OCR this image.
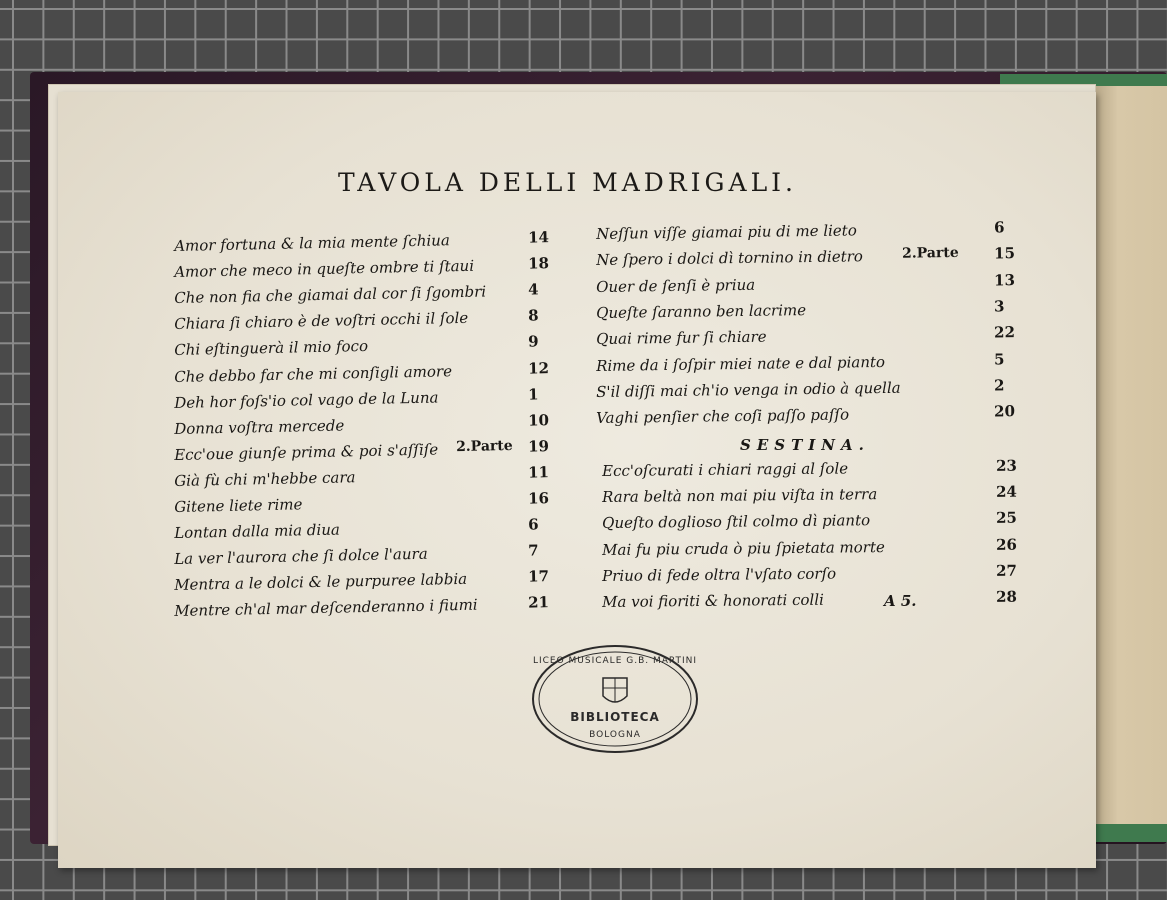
TAVOLA DELLI MADRIGALI.
Amor fortuna & la mia mente ſchiua	14
Amor che meco in queſte ombre ti ſtaui	18
Che non fia che giamai dal cor ſi ſgombri	4
Chiara ſi chiaro è de voſtri occhi il ſole	8
Chi eſtinguerà il mio foco	9
Che debbo far che mi conſigli amore	12
Deh hor foſs'io col vago de la Luna	1
Donna voſtra mercede	10
Ecc'oue giunſe prima & poi s'aſſiſe 2.Parte 19
Già fù chi m'hebbe cara	11
Gitene liete rime	16
Lontan dalla mia diua	6
La ver l'aurora che ſi dolce l'aura	7
Mentra a le dolci & le purpuree labbia	17
Mentre ch'al mar deſcenderanno i fiumi	21
Neſſun viſſe giamai piu di me lieto	6
Ne ſpero i dolci dì tornino in dietro	2.Parte 15
Ouer de ſenſi è priua	13
Queſte ſaranno ben lacrime	3
Quai rime fur ſi chiare	22
Rime da i ſoſpir miei nate e dal pianto	5
S'il diſſi mai ch'io venga in odio à quella	2
Vaghi penſier che coſi paſſo paſſo	20
SESTINA.
Ecc'oſcurati i chiari raggi al ſole	23
Rara beltà non mai piu viſta in terra	24
Queſto dogliosо ſtil colmo dì pianto	25
Mai fu piu cruda ò piu ſpietata morte	26
Priuo di fede oltra l'vſato corſo	27
Ma voi fioriti & honorati colli	28
A 5.
LICEO MUSICALE G.B. MARTINI
BIBLIOTECA
BOLOGNA
